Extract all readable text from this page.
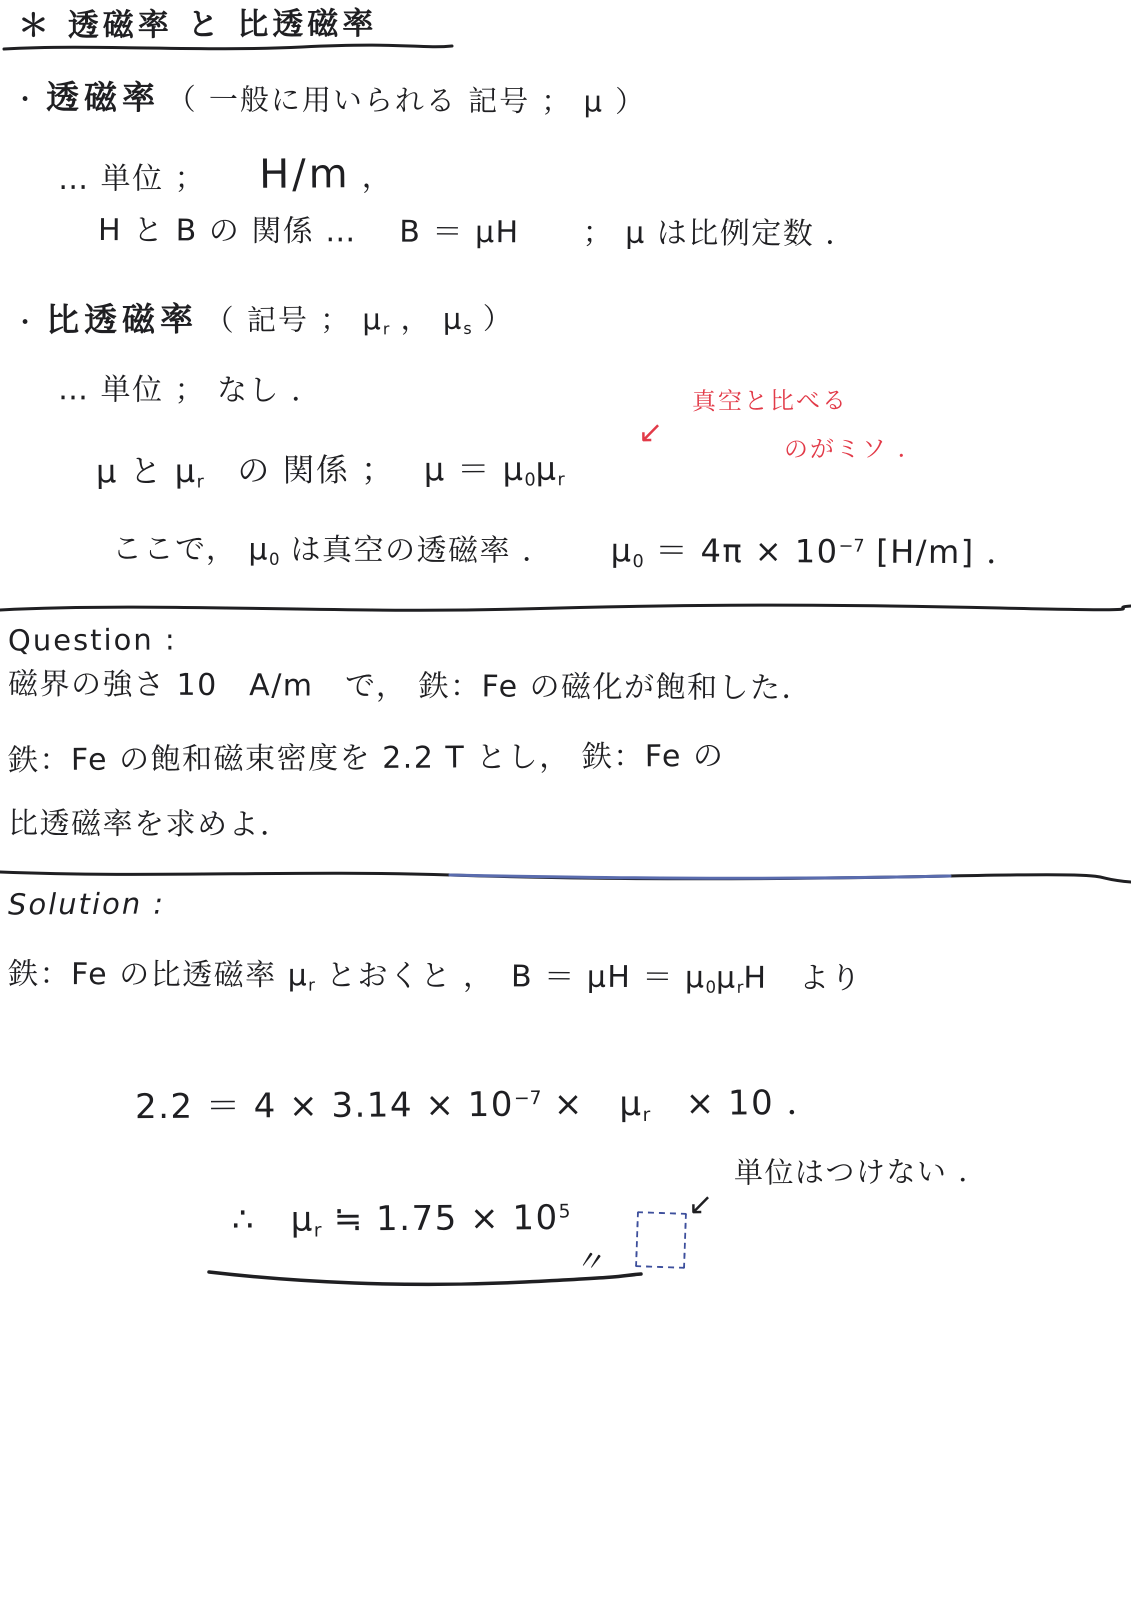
＊ 透磁率 と 比透磁率
・ 透磁率 （ 一般に用いられる 記号 ； μ ）
… 単位 ； H/m ，
H と B の 関係 …　 B ＝ μH　　； μ は比例定数 ．
・ 比透磁率 （ 記号 ； $\mu_r$ ， $\mu_s$ ）
… 単位 ； なし ．
↙
真空と比べる
のがミソ ．
μ と $\mu_r$　の 関係 ；　 $\mu = \mu_0\mu_r$
ここで， $\mu_0$ は真空の透磁率 ． $\mu_0 = 4\pi \times 10^{-7}$ [H/m] ．
Question :
磁界の強さ 10　A/m　で， 鉄：Fe の磁化が飽和した．
鉄：Fe の飽和磁束密度を 2.2 T とし， 鉄：Fe の
比透磁率を求めよ．
Solution :
鉄：Fe の比透磁率 $\mu_r$ とおくと ，　$B = \mu H = \mu_0\mu_rH$　より
$2.2 = 4 \times 3.14 \times 10^{-7}$ ×　$\mu_r$　× 10 ．
∴　$\mu_r$ ≒ $1.75 \times 10^5$
〃
↙
単位はつけない ．
